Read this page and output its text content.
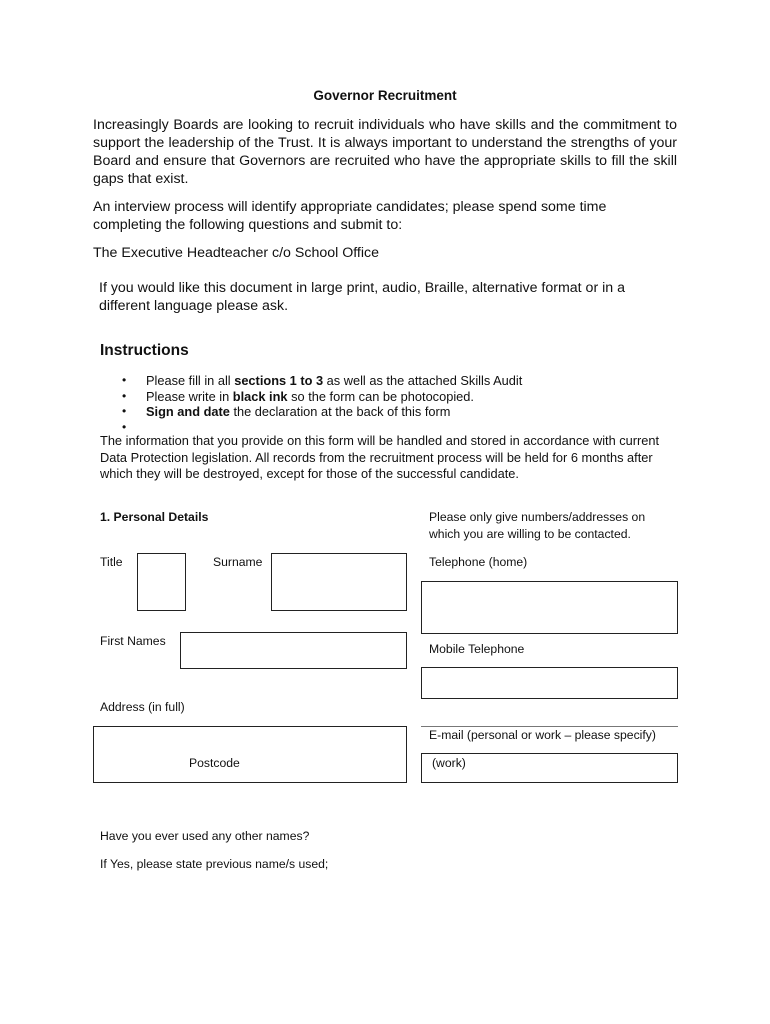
Governor Recruitment
Increasingly Boards are looking to recruit individuals who have skills and the commitment to support the leadership of the Trust. It is always important to understand the strengths of your Board and ensure that Governors are recruited who have the appropriate skills to fill the skill gaps that exist.
An interview process will identify appropriate candidates; please spend some time completing the following questions and submit to:
The Executive Headteacher c/o School Office
If you would like this document in large print, audio, Braille, alternative format or in a different language please ask.
Instructions
• Please fill in all sections 1 to 3 as well as the attached Skills Audit
• Please write in black ink so the form can be photocopied.
• Sign and date the declaration at the back of this form
•
The information that you provide on this form will be handled and stored in accordance with current Data Protection legislation. All records from the recruitment process will be held for 6 months after which they will be destroyed, except for those of the successful candidate.
1. Personal Details	Please only give numbers/addresses on
which you are willing to be contacted.
Title	Surname	Telephone (home)
First Names
Mobile Telephone
Address (in full)
Postcode
E-mail (personal or work – please specify)
(work)
Have you ever used any other names?
If Yes, please state previous name/s used;
